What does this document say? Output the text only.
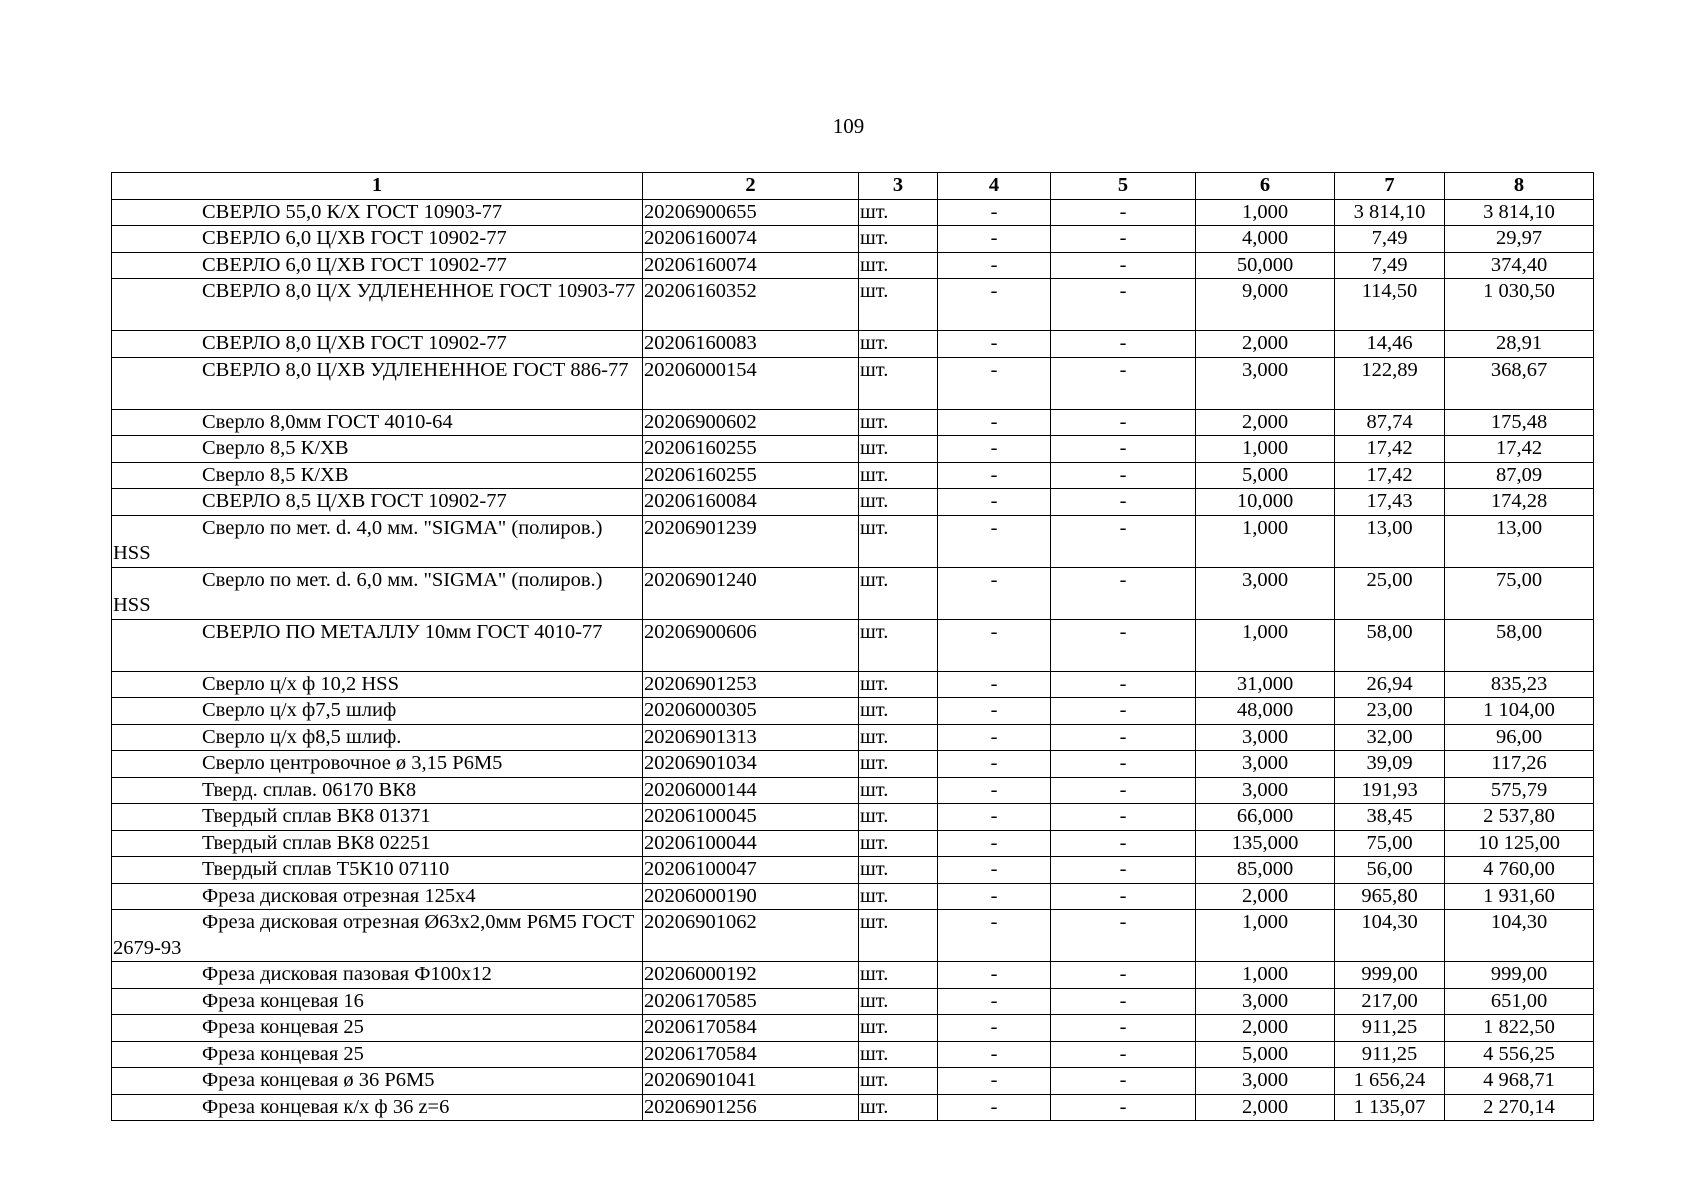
109
1	2	3	4	5	6	7	8
СВЕРЛО 55,0 К/Х ГОСТ 10903-77	20206900655	шт.	-	-	1,000	3 814,10	3 814,10
СВЕРЛО 6,0 Ц/ХВ ГОСТ 10902-77	20206160074	шт.	-	-	4,000	7,49	29,97
СВЕРЛО 6,0 Ц/ХВ ГОСТ 10902-77	20206160074	шт.	-	-	50,000	7,49	374,40
СВЕРЛО 8,0 Ц/Х УДЛЕНЕННОЕ ГОСТ 10903-77	20206160352	шт.	-	-	9,000	114,50	1 030,50
СВЕРЛО 8,0 Ц/ХВ ГОСТ 10902-77	20206160083	шт.	-	-	2,000	14,46	28,91
СВЕРЛО 8,0 Ц/ХВ УДЛЕНЕННОЕ ГОСТ 886-77	20206000154	шт.	-	-	3,000	122,89	368,67
Сверло 8,0мм ГОСТ 4010-64	20206900602	шт.	-	-	2,000	87,74	175,48
Сверло 8,5 К/ХВ	20206160255	шт.	-	-	1,000	17,42	17,42
Сверло 8,5 К/ХВ	20206160255	шт.	-	-	5,000	17,42	87,09
СВЕРЛО 8,5 Ц/ХВ ГОСТ 10902-77	20206160084	шт.	-	-	10,000	17,43	174,28
Сверло по мет. d. 4,0 мм. "SIGMA" (полиров.) HSS	20206901239	шт.	-	-	1,000	13,00	13,00
Сверло по мет. d. 6,0 мм. "SIGMA" (полиров.) HSS	20206901240	шт.	-	-	3,000	25,00	75,00
СВЕРЛО ПО МЕТАЛЛУ 10мм ГОСТ 4010-77	20206900606	шт.	-	-	1,000	58,00	58,00
Сверло ц/х ф 10,2 HSS	20206901253	шт.	-	-	31,000	26,94	835,23
Сверло ц/х ф7,5 шлиф	20206000305	шт.	-	-	48,000	23,00	1 104,00
Сверло ц/х ф8,5 шлиф.	20206901313	шт.	-	-	3,000	32,00	96,00
Сверло центровочное ø 3,15 Р6М5	20206901034	шт.	-	-	3,000	39,09	117,26
Тверд. сплав. 06170 ВК8	20206000144	шт.	-	-	3,000	191,93	575,79
Твердый сплав ВК8 01371	20206100045	шт.	-	-	66,000	38,45	2 537,80
Твердый сплав ВК8 02251	20206100044	шт.	-	-	135,000	75,00	10 125,00
Твердый сплав Т5К10 07110	20206100047	шт.	-	-	85,000	56,00	4 760,00
Фреза дисковая отрезная 125х4	20206000190	шт.	-	-	2,000	965,80	1 931,60
Фреза дисковая отрезная Ø63х2,0мм Р6М5 ГОСТ 2679-93	20206901062	шт.	-	-	1,000	104,30	104,30
Фреза дисковая пазовая Ф100х12	20206000192	шт.	-	-	1,000	999,00	999,00
Фреза концевая 16	20206170585	шт.	-	-	3,000	217,00	651,00
Фреза концевая 25	20206170584	шт.	-	-	2,000	911,25	1 822,50
Фреза концевая 25	20206170584	шт.	-	-	5,000	911,25	4 556,25
Фреза концевая ø 36 Р6М5	20206901041	шт.	-	-	3,000	1 656,24	4 968,71
Фреза концевая к/х ф 36 z=6	20206901256	шт.	-	-	2,000	1 135,07	2 270,14
